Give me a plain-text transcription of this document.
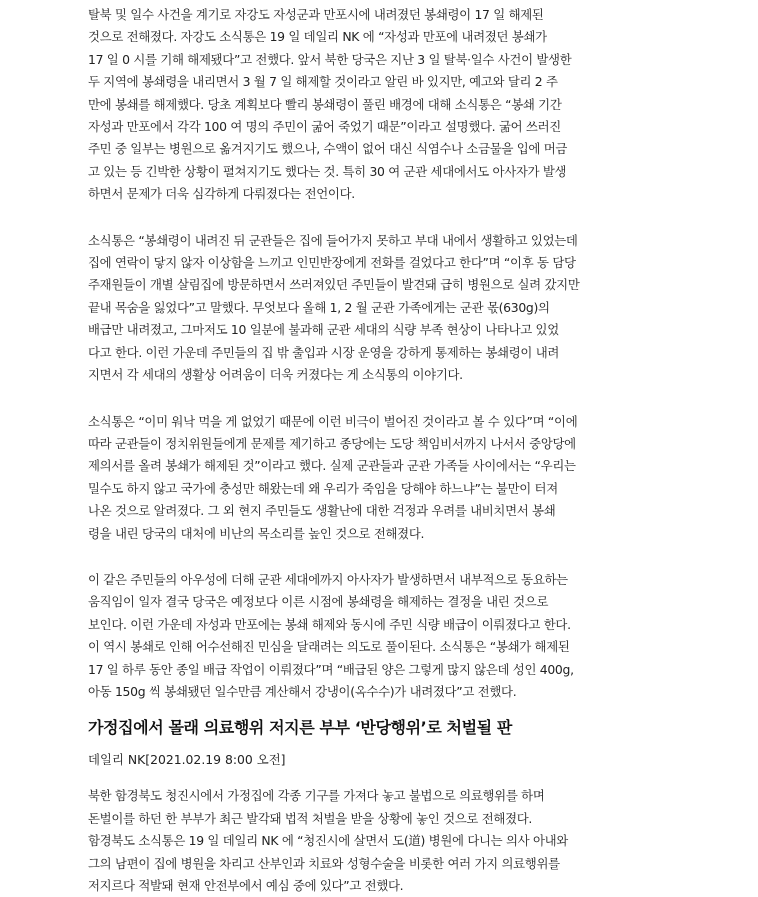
탈북 및 일수 사건을 계기로 자강도 자성군과 만포시에 내려졌던 봉쇄령이 17 일 해제된
것으로 전해졌다. 자강도 소식통은 19 일 데일리 NK 에 “자성과 만포에 내려졌던 봉쇄가
17 일 0 시를 기해 해제됐다”고 전했다. 앞서 북한 당국은 지난 3 일 탈북·일수 사건이 발생한
두 지역에 봉쇄령을 내리면서 3 월 7 일 해제할 것이라고 알린 바 있지만, 예고와 달리 2 주
만에 봉쇄를 해제했다. 당초 계획보다 빨리 봉쇄령이 풀린 배경에 대해 소식통은 “봉쇄 기간
자성과 만포에서 각각 100 여 명의 주민이 굶어 죽었기 때문”이라고 설명했다. 굶어 쓰러진
주민 중 일부는 병원으로 옮겨지기도 했으나, 수액이 없어 대신 식염수나 소금물을 입에 머금
고 있는 등 긴박한 상황이 펼쳐지기도 했다는 것. 특히 30 여 군관 세대에서도 아사자가 발생
하면서 문제가 더욱 심각하게 다뤄졌다는 전언이다.

소식통은 “봉쇄령이 내려진 뒤 군관들은 집에 들어가지 못하고 부대 내에서 생활하고 있었는데
집에 연락이 닿지 않자 이상함을 느끼고 인민반장에게 전화를 걸었다고 한다”며 “이후 동 담당
주재원들이 개별 살림집에 방문하면서 쓰러져있던 주민들이 발견돼 급히 병원으로 실려 갔지만
끝내 목숨을 잃었다”고 말했다. 무엇보다 올해 1, 2 월 군관 가족에게는 군관 몫(630g)의
배급만 내려졌고, 그마저도 10 일분에 불과해 군관 세대의 식량 부족 현상이 나타나고 있었
다고 한다. 이런 가운데 주민들의 집 밖 출입과 시장 운영을 강하게 통제하는 봉쇄령이 내려
지면서 각 세대의 생활상 어려움이 더욱 커졌다는 게 소식통의 이야기다.

소식통은 “이미 워낙 먹을 게 없었기 때문에 이런 비극이 벌어진 것이라고 볼 수 있다”며 “이에
따라 군관들이 정치위원들에게 문제를 제기하고 종당에는 도당 책임비서까지 나서서 중앙당에
제의서를 올려 봉쇄가 해제된 것”이라고 했다. 실제 군관들과 군관 가족들 사이에서는 “우리는
밀수도 하지 않고 국가에 충성만 해왔는데 왜 우리가 죽임을 당해야 하느냐”는 불만이 터져
나온 것으로 알려졌다. 그 외 현지 주민들도 생활난에 대한 걱정과 우려를 내비치면서 봉쇄
령을 내린 당국의 대처에 비난의 목소리를 높인 것으로 전해졌다.

이 같은 주민들의 아우성에 더해 군관 세대에까지 아사자가 발생하면서 내부적으로 동요하는
움직임이 일자 결국 당국은 예정보다 이른 시점에 봉쇄령을 해제하는 결정을 내린 것으로
보인다. 이런 가운데 자성과 만포에는 봉쇄 해제와 동시에 주민 식량 배급이 이뤄졌다고 한다.
이 역시 봉쇄로 인해 어수선해진 민심을 달래려는 의도로 풀이된다. 소식통은 “봉쇄가 해제된
17 일 하루 동안 종일 배급 작업이 이뤄졌다”며 “배급된 양은 그렇게 많지 않은데 성인 400g,
아동 150g 씩 봉쇄됐던 일수만큼 계산해서 강냉이(옥수수)가 내려졌다”고 전했다.

가정집에서 몰래 의료행위 저지른 부부 ‘반당행위’로 처벌될 판

데일리 NK[2021.02.19 8:00 오전]

북한 함경북도 청진시에서 가정집에 각종 기구를 가져다 놓고 불법으로 의료행위를 하며
돈벌이를 하던 한 부부가 최근 발각돼 법적 처벌을 받을 상황에 놓인 것으로 전해졌다.
함경북도 소식통은 19 일 데일리 NK 에 “청진시에 살면서 도(道) 병원에 다니는 의사 아내와
그의 남편이 집에 병원을 차리고 산부인과 치료와 성형수술을 비롯한 여러 가지 의료행위를
저지르다 적발돼 현재 안전부에서 예심 중에 있다”고 전했다.
